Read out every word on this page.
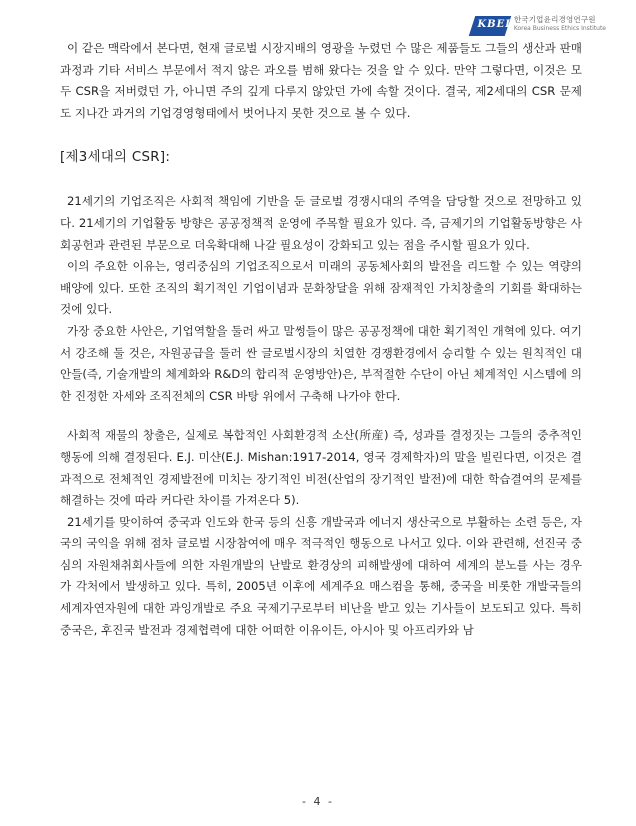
KBEI 한국기업윤리경영연구원
Korea Business Ethics Institute

이 같은 맥락에서 본다면, 현재 글로벌 시장지배의 영광을 누렸던 수 많은 제품들도 그들의 생산과 판매과정과 기타 서비스 부문에서 적지 않은 과오를 범해 왔다는 것을 알 수 있다. 만약 그렇다면, 이것은 모두 CSR을 저버렸던 가, 아니면 주의 깊게 다루지 않았던 가에 속할 것이다. 결국, 제2세대의 CSR 문제도 지나간 과거의 기업경영형태에서 벗어나지 못한 것으로 볼 수 있다.

[제3세대의 CSR]:

21세기의 기업조직은 사회적 책임에 기반을 둔 글로벌 경쟁시대의 주역을 담당할 것으로 전망하고 있다. 21세기의 기업활동 방향은 공공정책적 운영에 주목할 필요가 있다. 즉, 금제기의 기업활동방향은 사회공헌과 관련된 부문으로 더욱확대해 나갈 필요성이 강화되고 있는 점을 주시할 필요가 있다.

이의 주요한 이유는, 영리중심의 기업조직으로서 미래의 공동체사회의 발전을 리드할 수 있는 역량의 배양에 있다. 또한 조직의 획기적인 기업이념과 문화창달을 위해 잠재적인 가치창출의 기회를 확대하는 것에 있다.

가장 중요한 사안은, 기업역할을 둘러 싸고 말썽들이 많은 공공정책에 대한 획기적인 개혁에 있다. 여기서 강조해 둘 것은, 자원공급을 둘러 싼 글로벌시장의 치열한 경쟁환경에서 승리할 수 있는 원칙적인 대안들(즉, 기술개발의 체계화와 R&D의 합리적 운영방안)은, 부적절한 수단이 아닌 체계적인 시스템에 의한 진정한 자세와 조직전체의 CSR 바탕 위에서 구축해 나가야 한다.

사회적 재물의 창출은, 실제로 복합적인 사회환경적 소산(所産) 즉, 성과를 결정짓는 그들의 중추적인 행동에 의해 결정된다. E.J. 미샨(E.J. Mishan:1917-2014, 영국 경제학자)의 말을 빌린다면, 이것은 결과적으로 전체적인 경제발전에 미치는 장기적인 비전(산업의 장기적인 발전)에 대한 학습결여의 문제를 해결하는 것에 따라 커다란 차이를 가져온다 5).

21세기를 맞이하여 중국과 인도와 한국 등의 신흥 개발국과 에너지 생산국으로 부활하는 소련 등은, 자국의 국익을 위해 점차 글로벌 시장참여에 매우 적극적인 행동으로 나서고 있다. 이와 관련해, 선진국 중심의 자원채취회사들에 의한 자원개발의 난발로 환경상의 피해발생에 대하여 세계의 분노를 사는 경우가 각처에서 발생하고 있다. 특히, 2005년 이후에 세계주요 매스컴을 통해, 중국을 비롯한 개발국들의 세계자연자원에 대한 과잉개발로 주요 국제기구로부터 비난을 받고 있는 기사들이 보도되고 있다. 특히 중국은, 후진국 발전과 경제협력에 대한 어떠한 이유이든, 아시아 및 아프리카와 남

- 4 -
